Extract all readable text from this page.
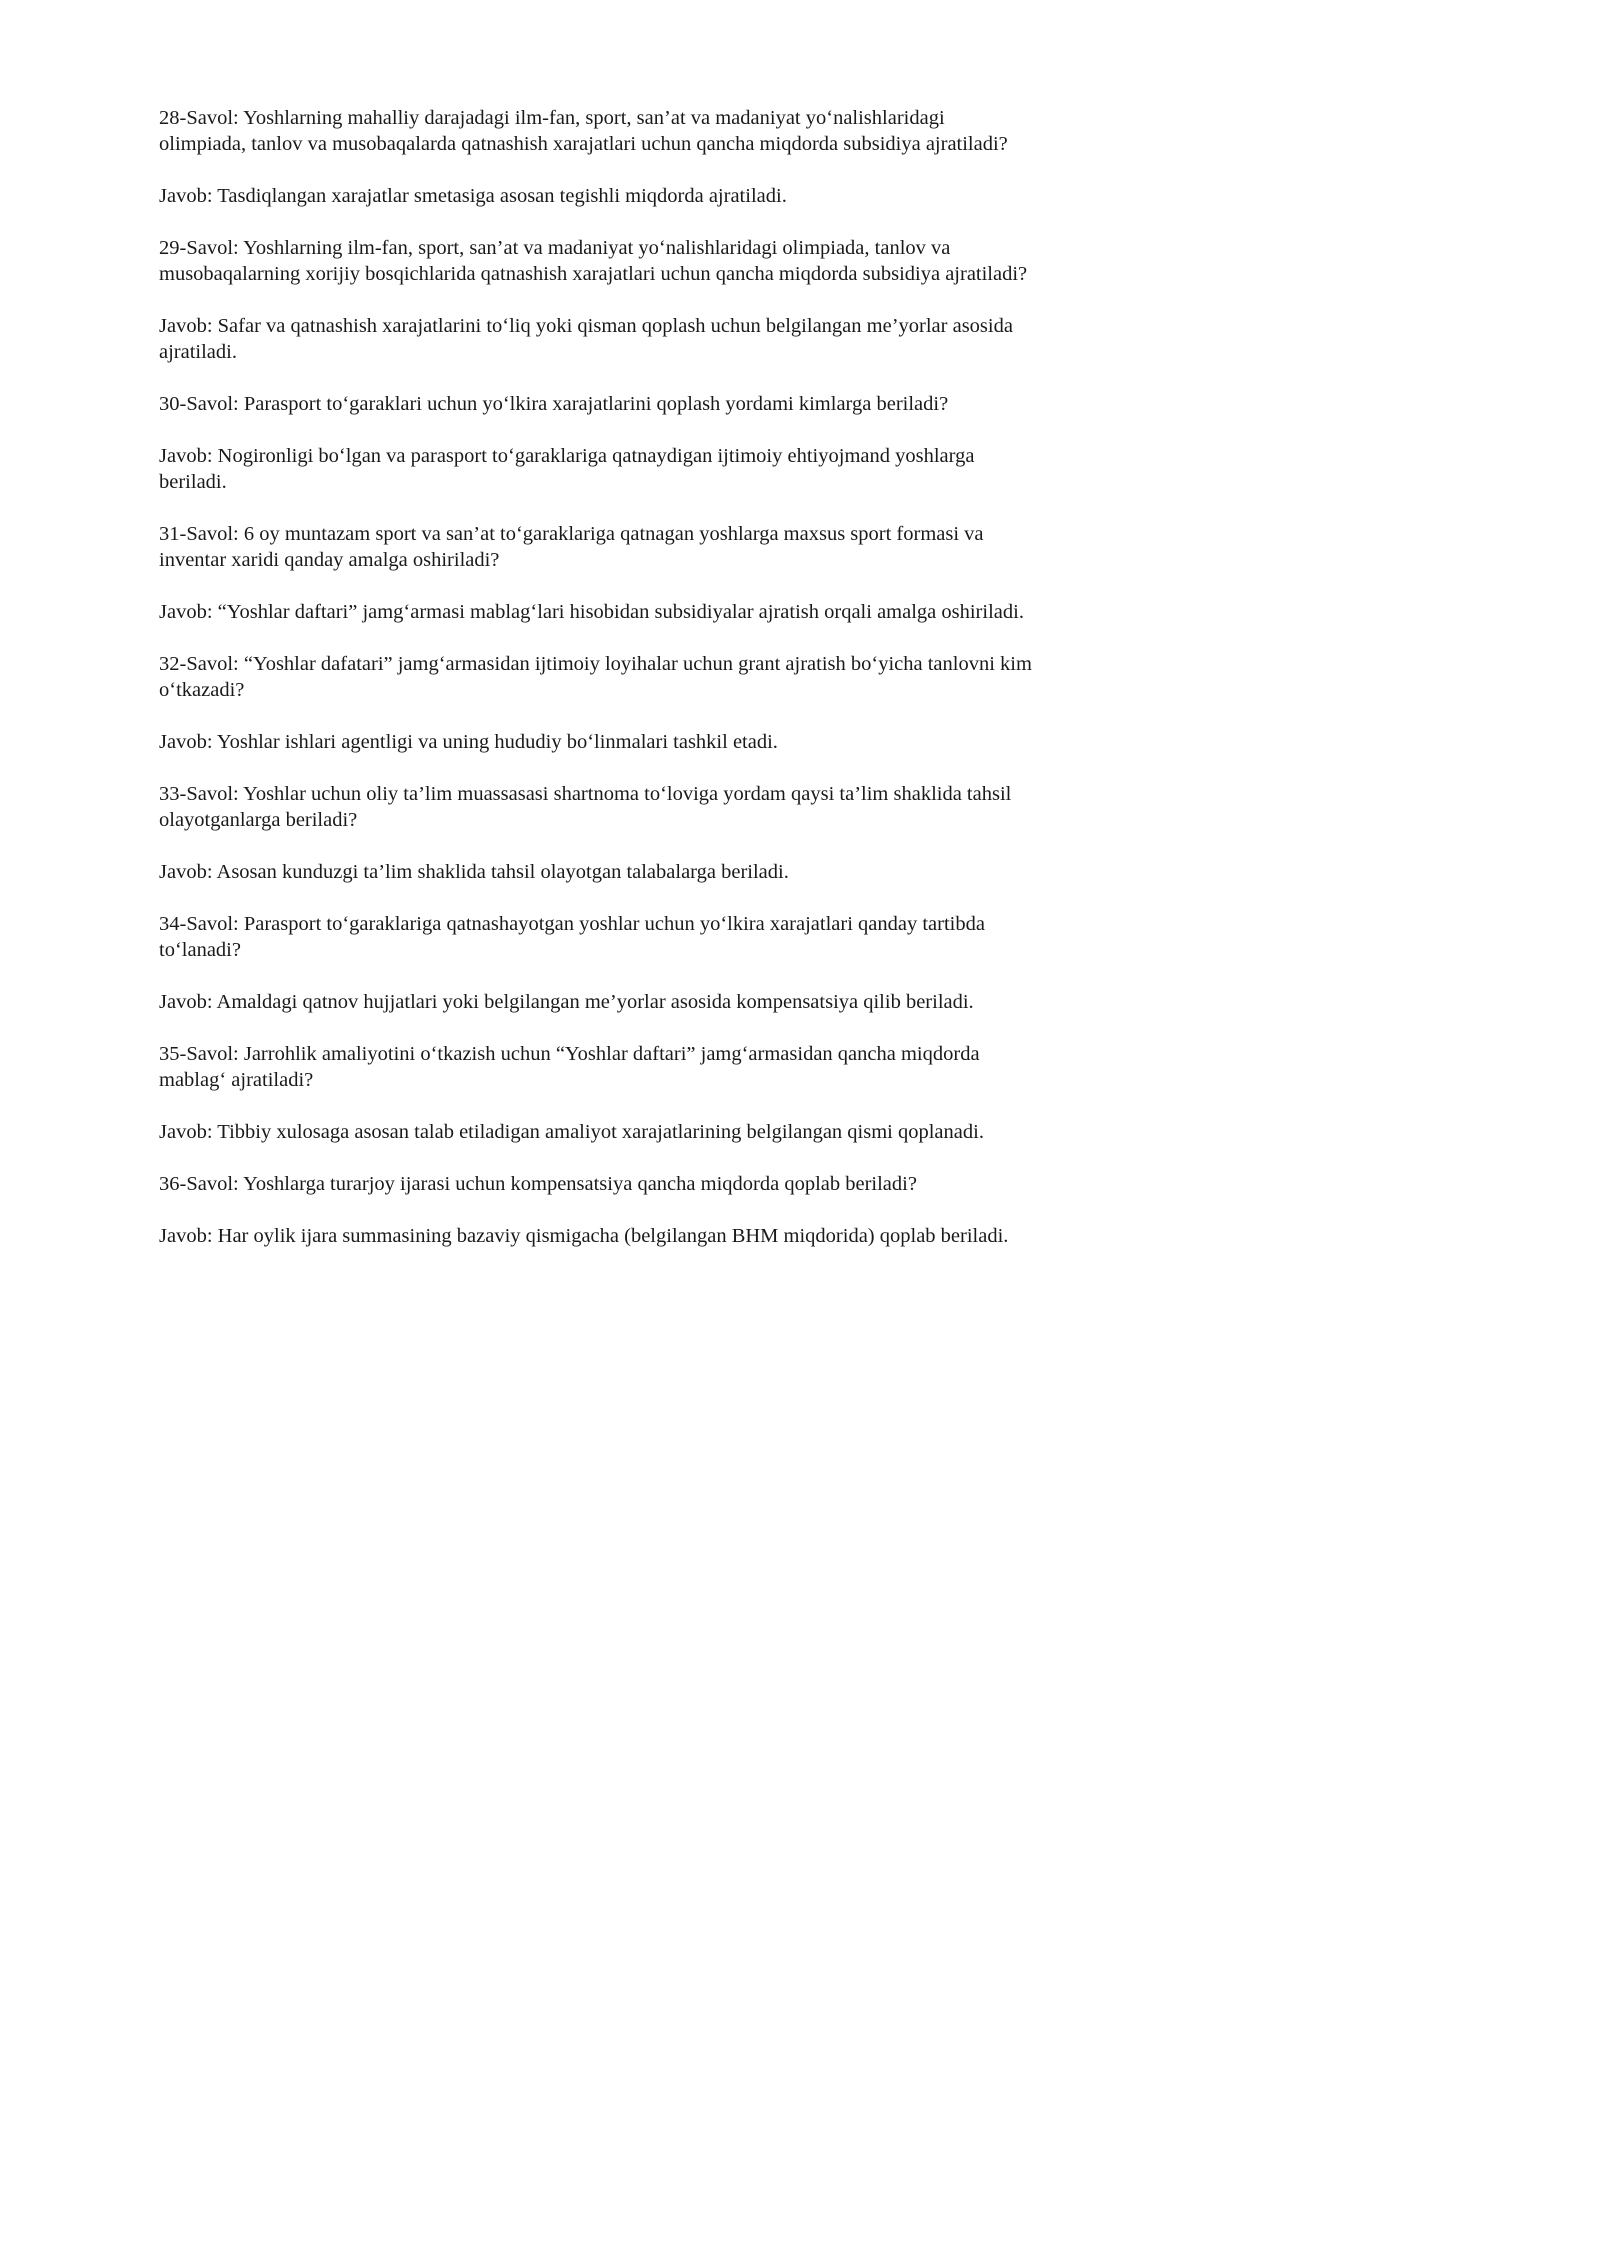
28-Savol: Yoshlarning mahalliy darajadagi ilm-fan, sport, san’at va madaniyat yo‘nalishlaridagi olimpiada, tanlov va musobaqalarda qatnashish xarajatlari uchun qancha miqdorda subsidiya ajratiladi?

Javob: Tasdiqlangan xarajatlar smetasiga asosan tegishli miqdorda ajratiladi.

29-Savol: Yoshlarning ilm-fan, sport, san’at va madaniyat yo‘nalishlaridagi olimpiada, tanlov va musobaqalarning xorijiy bosqichlarida qatnashish xarajatlari uchun qancha miqdorda subsidiya ajratiladi?

Javob: Safar va qatnashish xarajatlarini to‘liq yoki qisman qoplash uchun belgilangan me’yorlar asosida ajratiladi.

30-Savol: Parasport to‘garaklari uchun yo‘lkira xarajatlarini qoplash yordami kimlarga beriladi?

Javob: Nogironligi bo‘lgan va parasport to‘garaklariga qatnaydigan ijtimoiy ehtiyojmand yoshlarga beriladi.

31-Savol: 6 oy muntazam sport va san’at to‘garaklariga qatnagan yoshlarga maxsus sport formasi va inventar xaridi qanday amalga oshiriladi?

Javob: “Yoshlar daftari” jamg‘armasi mablag‘lari hisobidan subsidiyalar ajratish orqali amalga oshiriladi.

32-Savol: “Yoshlar dafatari” jamg‘armasidan ijtimoiy loyihalar uchun grant ajratish bo‘yicha tanlovni kim o‘tkazadi?

Javob: Yoshlar ishlari agentligi va uning hududiy bo‘linmalari tashkil etadi.

33-Savol: Yoshlar uchun oliy ta’lim muassasasi shartnoma to‘loviga yordam qaysi ta’lim shaklida tahsil olayotganlarga beriladi?

Javob: Asosan kunduzgi ta’lim shaklida tahsil olayotgan talabalarga beriladi.

34-Savol: Parasport to‘garaklariga qatnashayotgan yoshlar uchun yo‘lkira xarajatlari qanday tartibda to‘lanadi?

Javob: Amaldagi qatnov hujjatlari yoki belgilangan me’yorlar asosida kompensatsiya qilib beriladi.

35-Savol: Jarrohlik amaliyotini o‘tkazish uchun “Yoshlar daftari” jamg‘armasidan qancha miqdorda mablag‘ ajratiladi?

Javob: Tibbiy xulosaga asosan talab etiladigan amaliyot xarajatlarining belgilangan qismi qoplanadi.

36-Savol: Yoshlarga turarjoy ijarasi uchun kompensatsiya qancha miqdorda qoplab beriladi?

Javob: Har oylik ijara summasining bazaviy qismigacha (belgilangan BHM miqdorida) qoplab beriladi.
